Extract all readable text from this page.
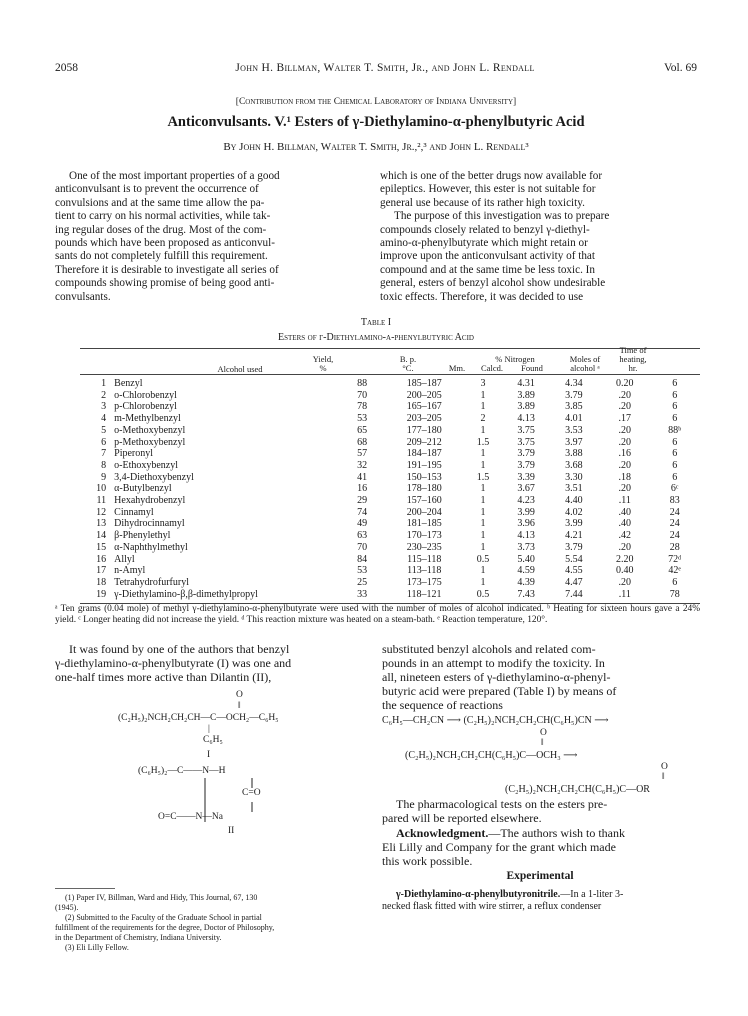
2058	John H. Billman, Walter T. Smith, Jr., and John L. Rendall	Vol. 69
[Contribution from the Chemical Laboratory of Indiana University]
Anticonvulsants. V.¹ Esters of γ-Diethylamino-α-phenylbutyric Acid
By John H. Billman, Walter T. Smith, Jr.,²,³ and John L. Rendall³

One of the most important properties of a good

anticonvulsant is to prevent the occurrence of

convulsions and at the same time allow the pa-

tient to carry on his normal activities, while tak-

ing regular doses of the drug. Most of the com-

pounds which have been proposed as anticonvul-

sants do not completely fulfill this requirement.

Therefore it is desirable to investigate all series of

compounds showing promise of being good anti-

convulsants.

which is one of the better drugs now available for

epileptics. However, this ester is not suitable for

general use because of its rather high toxicity.

The purpose of this investigation was to prepare

compounds closely related to benzyl γ-diethyl-

amino-α-phenylbutyrate which might retain or

improve upon the anticonvulsant activity of that

compound and at the same time be less toxic. In

general, esters of benzyl alcohol show undesirable

toxic effects. Therefore, it was decided to use

Table I
Esters of γ-Diethylamino-α-phenylbutyric Acid
Alcohol used
Yield,
%
B. p.
°C.	Mm.
% Nitrogen
Calcd.	Found
Moles of
alcohol ᵃ
Time of
heating,
hr.
1	Benzyl	88	185–187	3	4.31	4.34	0.20	6
2	o-Chlorobenzyl	70	200–205	1	3.89	3.79	.20	6
3	p-Chlorobenzyl	78	165–167	1	3.89	3.85	.20	6
4	m-Methylbenzyl	53	203–205	2	4.13	4.01	.17	6
5	o-Methoxybenzyl	65	177–180	1	3.75	3.53	.20	88ᵇ
6	p-Methoxybenzyl	68	209–212	1.5	3.75	3.97	.20	6
7	Piperonyl	57	184–187	1	3.79	3.88	.16	6
8	o-Ethoxybenzyl	32	191–195	1	3.79	3.68	.20	6
9	3,4-Diethoxybenzyl	41	150–153	1.5	3.39	3.30	.18	6
10	α-Butylbenzyl	16	178–180	1	3.67	3.51	.20	6ᶜ
11	Hexahydrobenzyl	29	157–160	1	4.23	4.40	.11	83
12	Cinnamyl	74	200–204	1	3.99	4.02	.40	24
13	Dihydrocinnamyl	49	181–185	1	3.96	3.99	.40	24
14	β-Phenylethyl	63	170–173	1	4.13	4.21	.42	24
15	α-Naphthylmethyl	70	230–235	1	3.73	3.79	.20	28
16	Allyl	84	115–118	0.5	5.40	5.54	2.20	72ᵈ
17	n-Amyl	53	113–118	1	4.59	4.55	0.40	42ᵉ
18	Tetrahydrofurfuryl	25	173–175	1	4.39	4.47	.20	6
19	γ-Diethylamino-β,β-dimethylpropyl	33	118–121	0.5	7.43	7.44	.11	78
ᵃ Ten grams (0.04 mole) of methyl γ-diethylamino-α-phenylbutyrate were used with the number of moles of alcohol indicated. ᵇ Heating for sixteen hours gave a 24% yield. ᶜ Longer heating did not increase the yield. ᵈ This reaction mixture was heated on a steam-bath. ᵉ Reaction temperature, 120°.

It was found by one of the authors that benzyl

γ-diethylamino-α-phenylbutyrate (I) was one and

one-half times more active than Dilantin (II),

O
‖
(C₂H₅)₂NCH₂CH₂CH—C—OCH₂—C₆H₅
|
C₆H₅
I
(C₆H₅)₂—C——N—H
C=O
O=C——N—Na
II

(1) Paper IV, Billman, Ward and Hidy, This Journal, 67, 130

(1945).

(2) Submitted to the Faculty of the Graduate School in partial

fulfillment of the requirements for the degree, Doctor of Philosophy,

in the Department of Chemistry, Indiana University.

(3) Eli Lilly Fellow.

substituted benzyl alcohols and related com-

pounds in an attempt to modify the toxicity. In

all, nineteen esters of γ-diethylamino-α-phenyl-

butyric acid were prepared (Table I) by means of

the sequence of reactions

C₆H₅—CH₂CN ⟶ (C₂H₅)₂NCH₂CH₂CH(C₆H₅)CN ⟶
O
‖
(C₂H₅)₂NCH₂CH₂CH(C₆H₅)C—OCH₃ ⟶
O
‖
(C₂H₅)₂NCH₂CH₂CH(C₆H₅)C—OR

The pharmacological tests on the esters pre-

pared will be reported elsewhere.

Acknowledgment.—The authors wish to thank

Eli Lilly and Company for the grant which made

this work possible.

Experimental

γ-Diethylamino-α-phenylbutyronitrile.—In a 1-liter 3-

necked flask fitted with wire stirrer, a reflux condenser
